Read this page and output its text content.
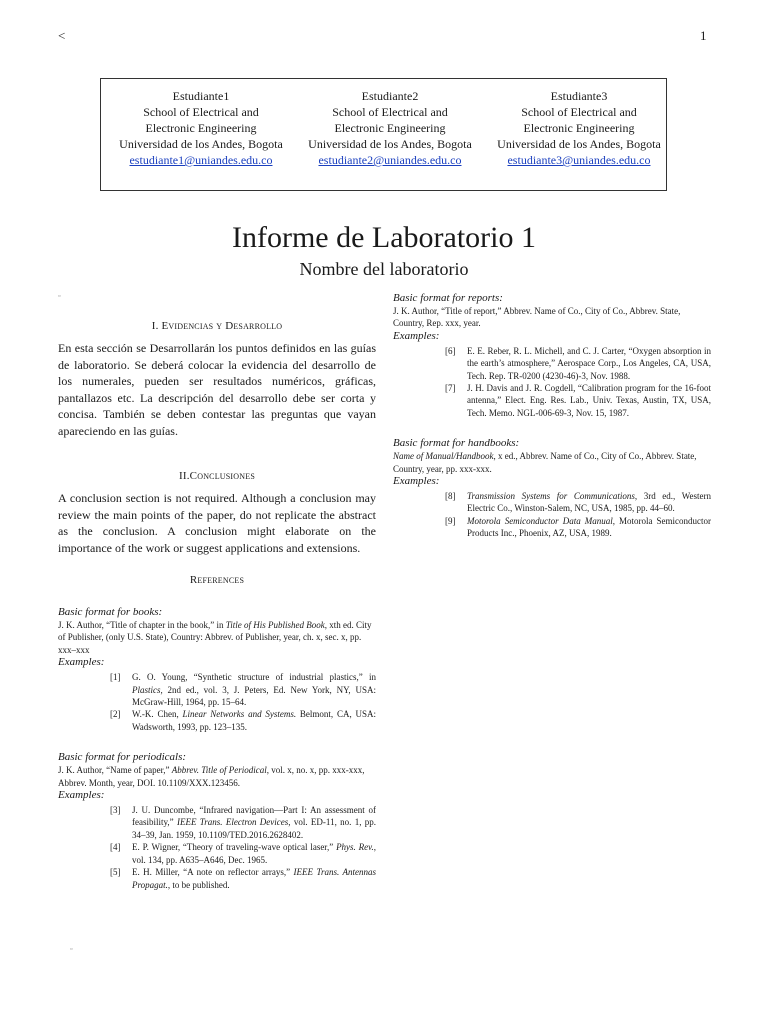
<	1
Estudiante1
School of Electrical and
Electronic Engineering
Universidad de los Andes, Bogota
estudiante1@uniandes.edu.co
Estudiante2
School of Electrical and
Electronic Engineering
Universidad de los Andes, Bogota
estudiante2@uniandes.edu.co
Estudiante3
School of Electrical and
Electronic Engineering
Universidad de los Andes, Bogota
estudiante3@uniandes.edu.co
Informe de Laboratorio 1
Nombre del laboratorio
▫
I. Evidencias y Desarrollo

En esta sección se Desarrollarán los puntos definidos en las guías de laboratorio. Se deberá colocar la evidencia del desarrollo de los numerales, pueden ser resultados numéricos, gráficas, pantallazos etc. La descripción del desarrollo debe ser corta y concisa. También se deben contestar las preguntas que vayan apareciendo en las guías.

II.Conclusiones

A conclusion section is not required. Although a conclusion may review the main points of the paper, do not replicate the abstract as the conclusion. A conclusion might elaborate on the importance of the work or suggest applications and extensions.

References

Basic format for books:

J. K. Author, “Title of chapter in the book,” in Title of His Published Book, xth ed. City of Publisher, (only U.S. State), Country: Abbrev. of Publisher, year, ch. x, sec. x, pp. xxx–xxx

Examples:

[1]	G. O. Young, “Synthetic structure of industrial plastics,” in Plastics, 2nd ed., vol. 3, J. Peters, Ed. New York, NY, USA: McGraw-Hill, 1964, pp. 15–64.
[2]	W.-K. Chen, Linear Networks and Systems. Belmont, CA, USA: Wadsworth, 1993, pp. 123–135.

Basic format for periodicals:

J. K. Author, “Name of paper,” Abbrev. Title of Periodical, vol. x, no. x, pp. xxx-xxx, Abbrev. Month, year, DOI. 10.1109/XXX.123456.

Examples:

[3]	J. U. Duncombe, “Infrared navigation—Part I: An assessment of feasibility,” IEEE Trans. Electron Devices, vol. ED-11, no. 1, pp. 34–39, Jan. 1959, 10.1109/TED.2016.2628402.
[4]	E. P. Wigner, “Theory of traveling-wave optical laser,” Phys. Rev., vol. 134, pp. A635–A646, Dec. 1965.
[5]	E. H. Miller, “A note on reflector arrays,” IEEE Trans. Antennas Propagat., to be published.

Basic format for reports:

J. K. Author, “Title of report,” Abbrev. Name of Co., City of Co., Abbrev. State, Country, Rep. xxx, year.

Examples:

[6]	E. E. Reber, R. L. Michell, and C. J. Carter, “Oxygen absorption in the earth’s atmosphere,” Aerospace Corp., Los Angeles, CA, USA, Tech. Rep. TR-0200 (4230-46)-3, Nov. 1988.
[7]	J. H. Davis and J. R. Cogdell, “Calibration program for the 16-foot antenna,” Elect. Eng. Res. Lab., Univ. Texas, Austin, TX, USA, Tech. Memo. NGL-006-69-3, Nov. 15, 1987.

Basic format for handbooks:

Name of Manual/Handbook, x ed., Abbrev. Name of Co., City of Co., Abbrev. State, Country, year, pp. xxx-xxx.

Examples:

[8]	Transmission Systems for Communications, 3rd ed., Western Electric Co., Winston-Salem, NC, USA, 1985, pp. 44–60.
[9]	Motorola Semiconductor Data Manual, Motorola Semiconductor Products Inc., Phoenix, AZ, USA, 1989.
▫
